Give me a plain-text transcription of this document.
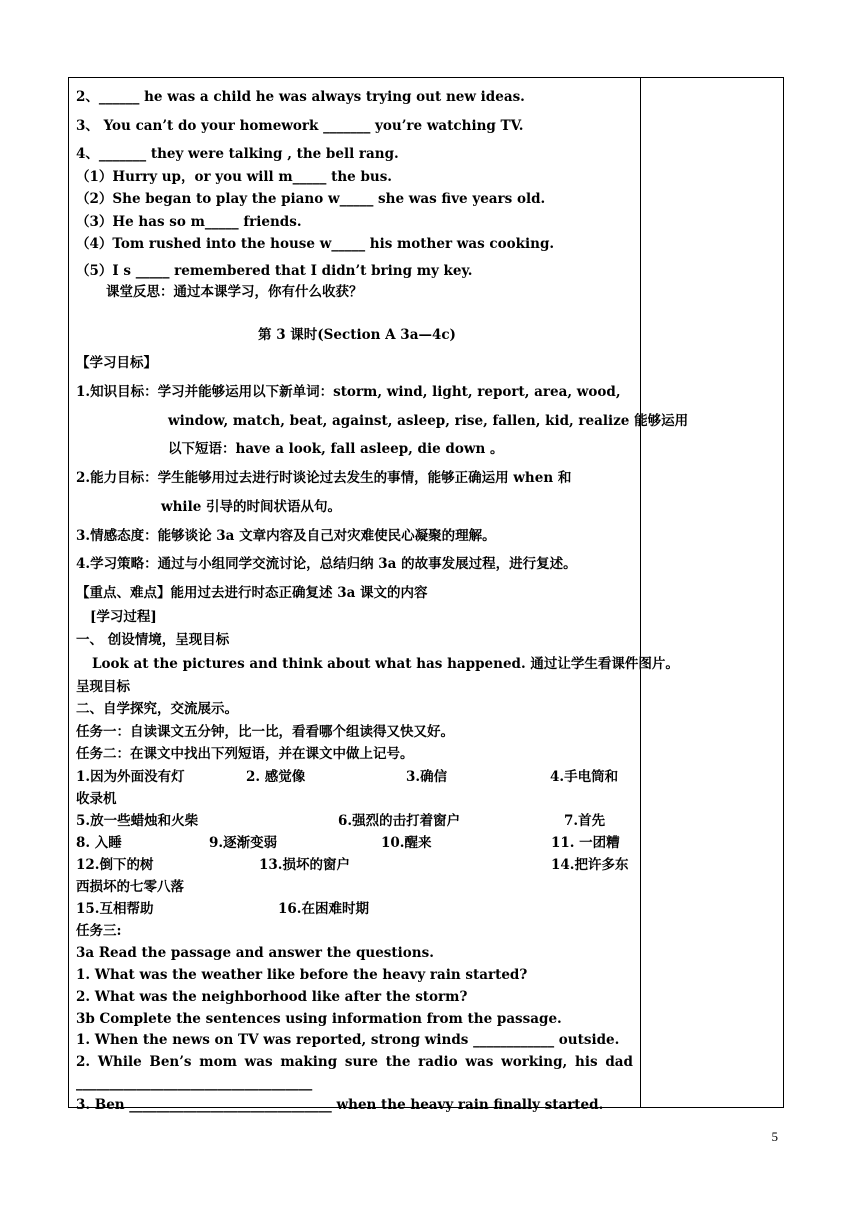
2、______ he was a child he was always trying out new ideas.
3、 You can’t do your homework _______ you’re watching TV.
4、_______ they were talking , the bell rang.
（1）Hurry up，or you will m_____ the bus.
（2）She began to play the piano w_____ she was five years old.
（3）He has so m_____ friends.
（4）Tom rushed into the house w_____ his mother was cooking.
（5）I s _____ remembered that I didn’t bring my key.
课堂反思：通过本课学习，你有什么收获？
第 3 课时(Section A 3a—4c)
【学习目标】
1.知识目标：学习并能够运用以下新单词：storm, wind, light, report, area, wood,
window, match, beat, against, asleep, rise, fallen, kid, realize 能够运用
以下短语：have a look, fall asleep, die down 。
2.能力目标：学生能够用过去进行时谈论过去发生的事情，能够正确运用 when 和
while 引导的时间状语从句。
3.情感态度：能够谈论 3a 文章内容及自己对灾难使民心凝聚的理解。
4.学习策略：通过与小组同学交流讨论，总结归纳 3a 的故事发展过程，进行复述。
【重点、难点】能用过去进行时态正确复述 3a 课文的内容
[学习过程]
一、 创设情境，呈现目标
Look at the pictures and think about what has happened. 通过让学生看课件图片。
呈现目标
二、自学探究，交流展示。
任务一：自读课文五分钟，比一比，看看哪个组读得又快又好。
任务二：在课文中找出下列短语，并在课文中做上记号。
1.因为外面没有灯	2. 感觉像	3.确信	4.手电筒和
收录机
5.放一些蜡烛和火柴	6.强烈的击打着窗户	7.首先
8. 入睡	9.逐渐变弱	10.醒来	11. 一团糟
12.倒下的树	13.损坏的窗户	14.把许多东
西损坏的七零八落
15.互相帮助	16.在困难时期
任务三:
3a Read the passage and answer the questions.
1. What was the weather like before the heavy rain started?
2. What was the neighborhood like after the storm?
3b Complete the sentences using information from the passage.
1. When the news on TV was reported, strong winds ____________ outside.
2. While Ben’s mom was making sure the radio was working, his dad
___________________________________
3. Ben ______________________________ when the heavy rain finally started.
5
